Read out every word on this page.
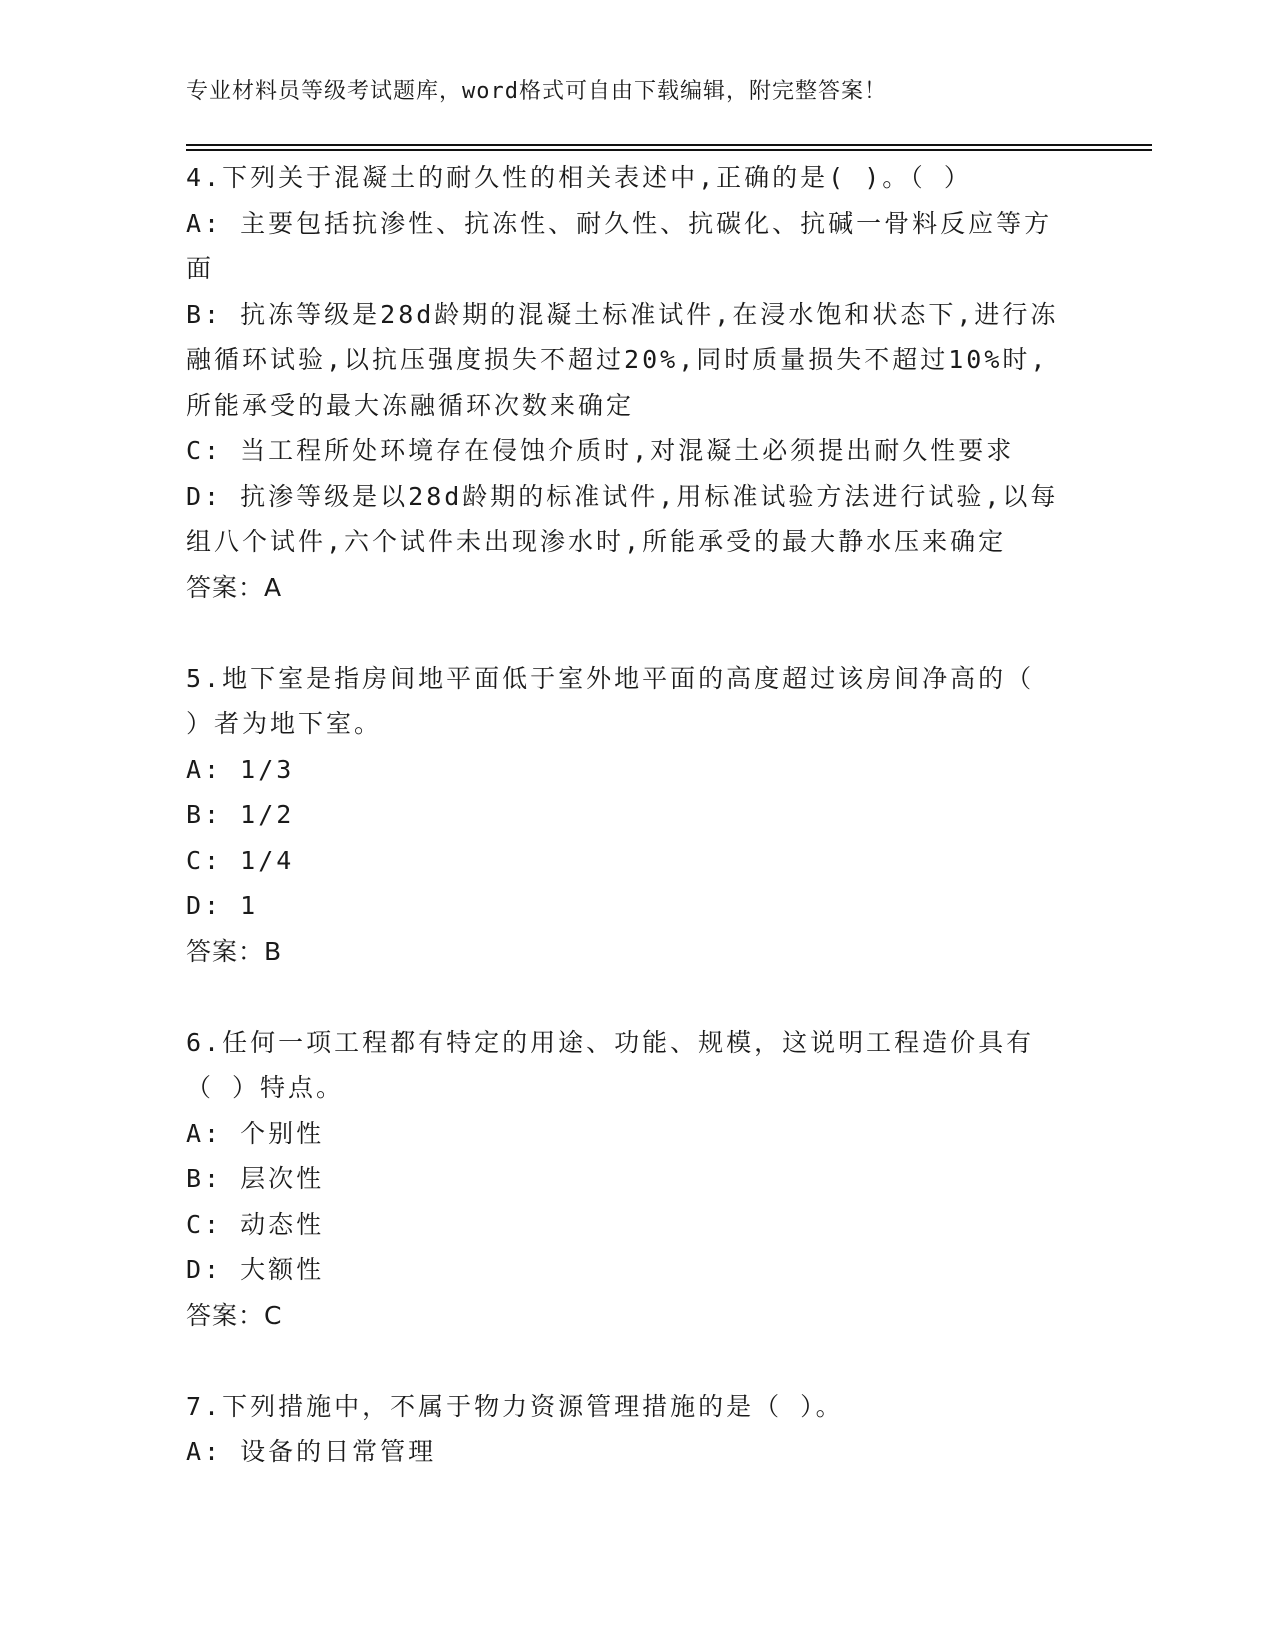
专业材料员等级考试题库，word格式可自由下载编辑，附完整答案！
4.下列关于混凝土的耐久性的相关表述中,正确的是( )。（ ）
A: 主要包括抗渗性、抗冻性、耐久性、抗碳化、抗碱一骨料反应等方
面
B: 抗冻等级是28d龄期的混凝土标准试件,在浸水饱和状态下,进行冻
融循环试验,以抗压强度损失不超过20%,同时质量损失不超过10%时,
所能承受的最大冻融循环次数来确定
C: 当工程所处环境存在侵蚀介质时,对混凝土必须提出耐久性要求
D: 抗渗等级是以28d龄期的标准试件,用标准试验方法进行试验,以每
组八个试件,六个试件未出现渗水时,所能承受的最大静水压来确定
答案：A
5.地下室是指房间地平面低于室外地平面的高度超过该房间净高的（
）者为地下室。
A: 1/3
B: 1/2
C: 1/4
D: 1
答案：B
6.任何一项工程都有特定的用途、功能、规模，这说明工程造价具有
（ ）特点。
A: 个别性
B: 层次性
C: 动态性
D: 大额性
答案：C
7.下列措施中，不属于物力资源管理措施的是（ ）。
A: 设备的日常管理
